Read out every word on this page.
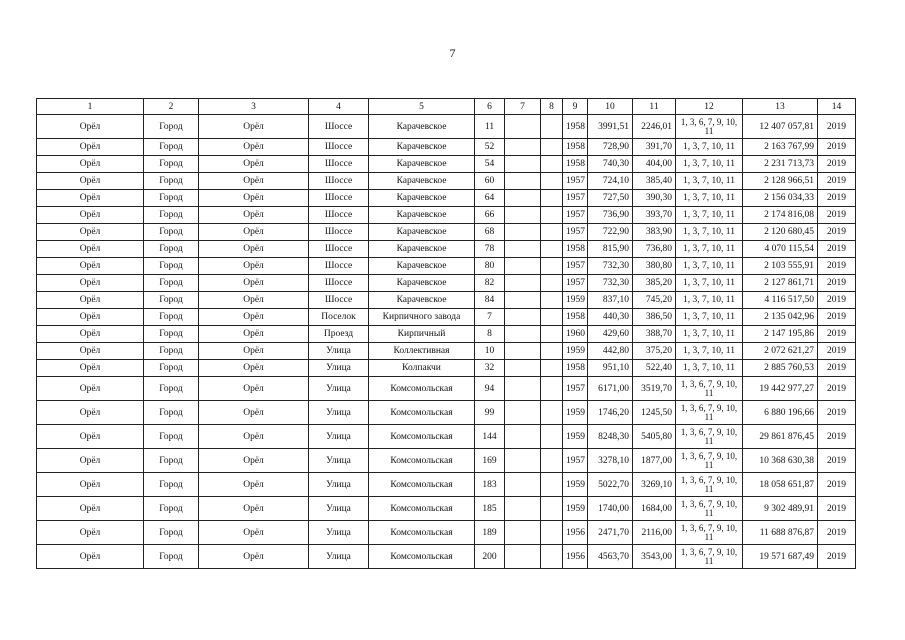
7
1	2	3	4	5	6	7	8	9	10	11	12	13	14
Орёл	Город	Орёл	Шоссе	Карачевское	11			1958	3991,51	2246,01	1, 3, 6, 7, 9, 10, 11	12 407 057,81	2019
Орёл	Город	Орёл	Шоссе	Карачевское	52			1958	728,90	391,70	1, 3, 7, 10, 11	2 163 767,99	2019
Орёл	Город	Орёл	Шоссе	Карачевское	54			1958	740,30	404,00	1, 3, 7, 10, 11	2 231 713,73	2019
Орёл	Город	Орёл	Шоссе	Карачевское	60			1957	724,10	385,40	1, 3, 7, 10, 11	2 128 966,51	2019
Орёл	Город	Орёл	Шоссе	Карачевское	64			1957	727,50	390,30	1, 3, 7, 10, 11	2 156 034,33	2019
Орёл	Город	Орёл	Шоссе	Карачевское	66			1957	736,90	393,70	1, 3, 7, 10, 11	2 174 816,08	2019
Орёл	Город	Орёл	Шоссе	Карачевское	68			1957	722,90	383,90	1, 3, 7, 10, 11	2 120 680,45	2019
Орёл	Город	Орёл	Шоссе	Карачевское	78			1958	815,90	736,80	1, 3, 7, 10, 11	4 070 115,54	2019
Орёл	Город	Орёл	Шоссе	Карачевское	80			1957	732,30	380,80	1, 3, 7, 10, 11	2 103 555,91	2019
Орёл	Город	Орёл	Шоссе	Карачевское	82			1957	732,30	385,20	1, 3, 7, 10, 11	2 127 861,71	2019
Орёл	Город	Орёл	Шоссе	Карачевское	84			1959	837,10	745,20	1, 3, 7, 10, 11	4 116 517,50	2019
Орёл	Город	Орёл	Поселок	Кирпичного завода	7			1958	440,30	386,50	1, 3, 7, 10, 11	2 135 042,96	2019
Орёл	Город	Орёл	Проезд	Кирпичный	8			1960	429,60	388,70	1, 3, 7, 10, 11	2 147 195,86	2019
Орёл	Город	Орёл	Улица	Коллективная	10			1959	442,80	375,20	1, 3, 7, 10, 11	2 072 621,27	2019
Орёл	Город	Орёл	Улица	Колпакчи	32			1958	951,10	522,40	1, 3, 7, 10, 11	2 885 760,53	2019
Орёл	Город	Орёл	Улица	Комсомольская	94			1957	6171,00	3519,70	1, 3, 6, 7, 9, 10, 11	19 442 977,27	2019
Орёл	Город	Орёл	Улица	Комсомольская	99			1959	1746,20	1245,50	1, 3, 6, 7, 9, 10, 11	6 880 196,66	2019
Орёл	Город	Орёл	Улица	Комсомольская	144			1959	8248,30	5405,80	1, 3, 6, 7, 9, 10, 11	29 861 876,45	2019
Орёл	Город	Орёл	Улица	Комсомольская	169			1957	3278,10	1877,00	1, 3, 6, 7, 9, 10, 11	10 368 630,38	2019
Орёл	Город	Орёл	Улица	Комсомольская	183			1959	5022,70	3269,10	1, 3, 6, 7, 9, 10, 11	18 058 651,87	2019
Орёл	Город	Орёл	Улица	Комсомольская	185			1959	1740,00	1684,00	1, 3, 6, 7, 9, 10, 11	9 302 489,91	2019
Орёл	Город	Орёл	Улица	Комсомольская	189			1956	2471,70	2116,00	1, 3, 6, 7, 9, 10, 11	11 688 876,87	2019
Орёл	Город	Орёл	Улица	Комсомольская	200			1956	4563,70	3543,00	1, 3, 6, 7, 9, 10, 11	19 571 687,49	2019
